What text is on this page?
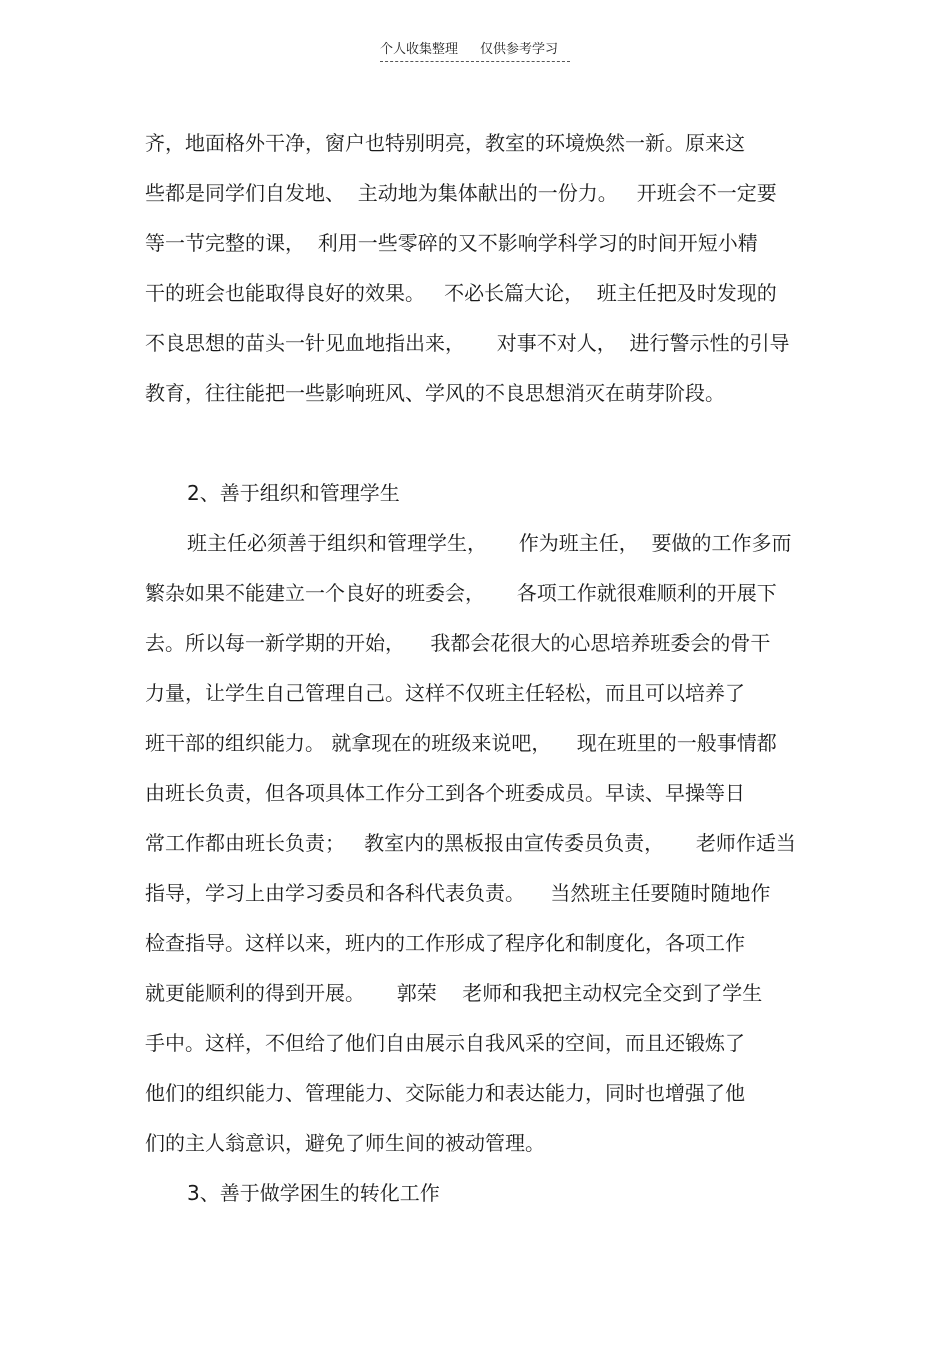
个人收集整理 仅供参考学习
齐，地面格外干净，窗户也特别明亮，教室的环境焕然一新。原来这
些都是同学们自发地、  主动地为集体献出的一份力。   开班会不一定要
等一节完整的课，  利用一些零碎的又不影响学科学习的时间开短小精
干的班会也能取得良好的效果。   不必长篇大论，  班主任把及时发现的
不良思想的苗头一针见血地指出来，     对事不对人，  进行警示性的引导
教育，往往能把一些影响班风、学风的不良思想消灭在萌芽阶段。
2、善于组织和管理学生
班主任必须善于组织和管理学生，     作为班主任，  要做的工作多而
繁杂如果不能建立一个良好的班委会，     各项工作就很难顺利的开展下
去。所以每一新学期的开始，    我都会花很大的心思培养班委会的骨干
力量，让学生自己管理自己。这样不仅班主任轻松，而且可以培养了
班干部的组织能力。 就拿现在的班级来说吧，    现在班里的一般事情都
由班长负责，但各项具体工作分工到各个班委成员。早读、早操等日
常工作都由班长负责；   教室内的黑板报由宣传委员负责，     老师作适当
指导，学习上由学习委员和各科代表负责。    当然班主任要随时随地作
检查指导。这样以来，班内的工作形成了程序化和制度化，各项工作
就更能顺利的得到开展。     郭荣    老师和我把主动权完全交到了学生
手中。这样，不但给了他们自由展示自我风采的空间，而且还锻炼了
他们的组织能力、管理能力、交际能力和表达能力，同时也增强了他
们的主人翁意识，避免了师生间的被动管理。
3、善于做学困生的转化工作
